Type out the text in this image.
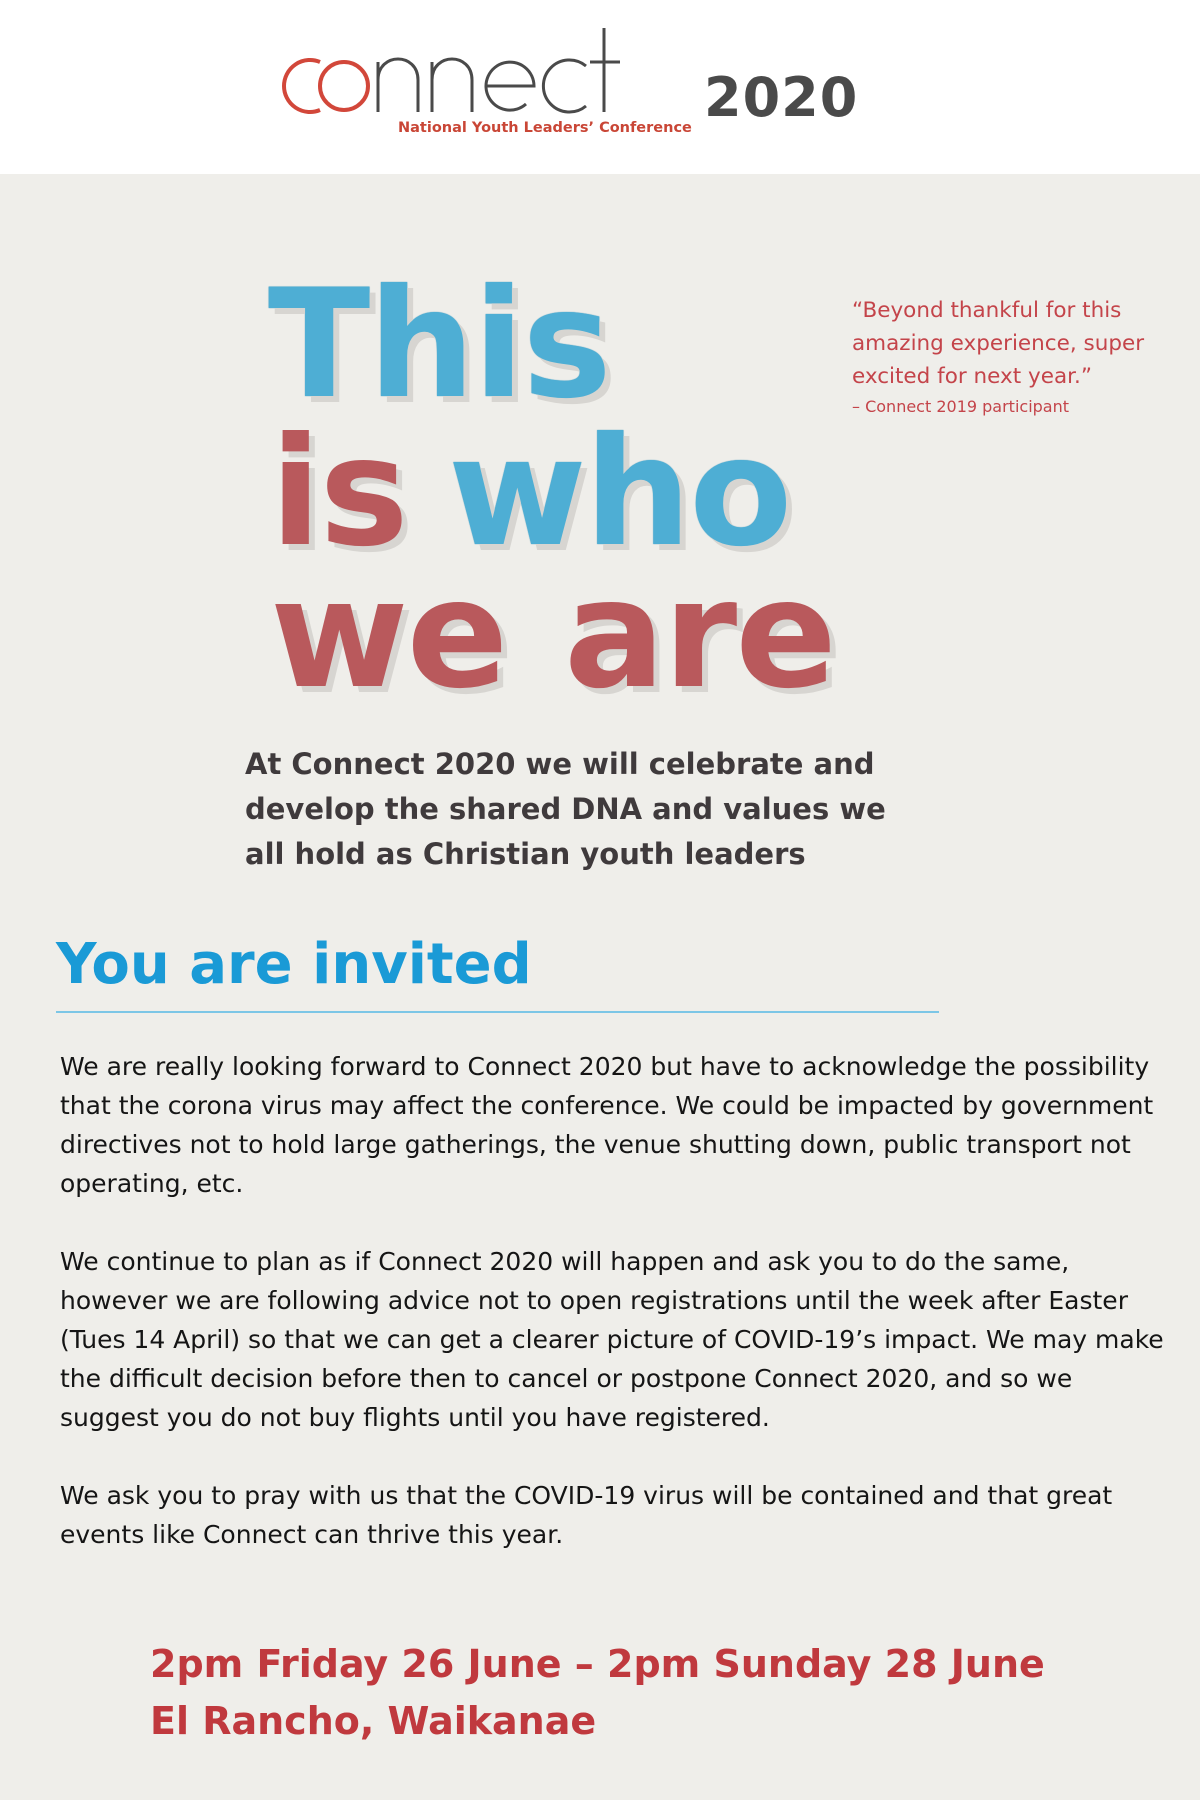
2020
National Youth Leaders’ Conference
This
is who
we are
“Beyond thankful for this amazing experience, super excited for next year.”
– Connect 2019 participant
At Connect 2020 we will celebrate and develop the shared DNA and values we all hold as Christian youth leaders
You are invited

We are really looking forward to Connect 2020 but have to acknowledge the possibility that the corona virus may affect the conference. We could be impacted by government directives not to hold large gatherings, the venue shutting down, public transport not operating, etc.

We continue to plan as if Connect 2020 will happen and ask you to do the same, however we are following advice not to open registrations until the week after Easter (Tues 14 April) so that we can get a clearer picture of COVID-19’s impact. We may make the difficult decision before then to cancel or postpone Connect 2020, and so we suggest you do not buy flights until you have registered.

We ask you to pray with us that the COVID-19 virus will be contained and that great events like Connect can thrive this year.

2pm Friday 26 June – 2pm Sunday 28 June
El Rancho, Waikanae
